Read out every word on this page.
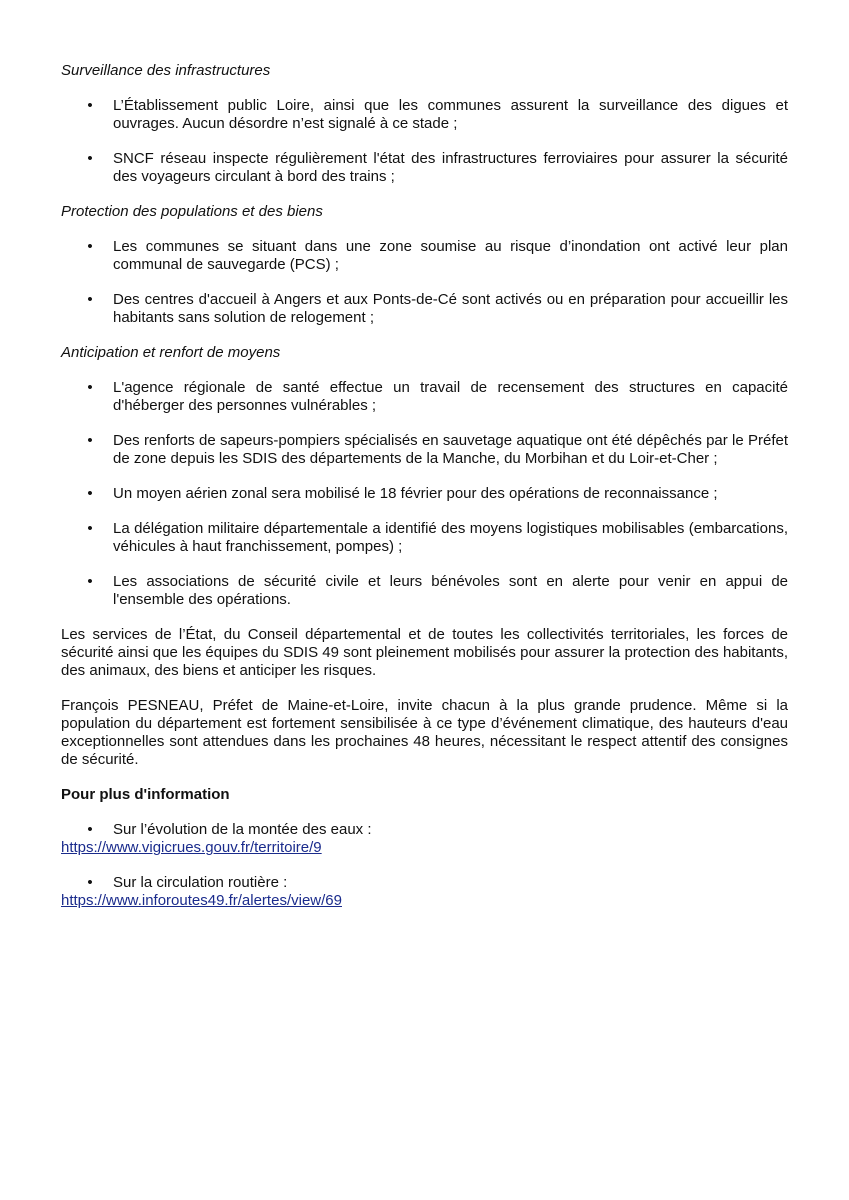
Surveillance des infrastructures

• L’Établissement public Loire, ainsi que les communes assurent la surveillance des digues et ouvrages. Aucun désordre n’est signalé à ce stade ;
• SNCF réseau inspecte régulièrement l'état des infrastructures ferroviaires pour assurer la sécurité des voyageurs circulant à bord des trains ;

Protection des populations et des biens

• Les communes se situant dans une zone soumise au risque d’inondation ont activé leur plan communal de sauvegarde (PCS) ;
• Des centres d'accueil à Angers et aux Ponts-de-Cé sont activés ou en préparation pour accueillir les habitants sans solution de relogement ;

Anticipation et renfort de moyens

• L'agence régionale de santé effectue un travail de recensement des structures en capacité d'héberger des personnes vulnérables ;
• Des renforts de sapeurs-pompiers spécialisés en sauvetage aquatique ont été dépêchés par le Préfet de zone depuis les SDIS des départements de la Manche, du Morbihan et du Loir-et-Cher ;
• Un moyen aérien zonal sera mobilisé le 18 février pour des opérations de reconnaissance ;
• La délégation militaire départementale a identifié des moyens logistiques mobilisables (embarcations, véhicules à haut franchissement, pompes) ;
• Les associations de sécurité civile et leurs bénévoles sont en alerte pour venir en appui de l'ensemble des opérations.

Les services de l’État, du Conseil départemental et de toutes les collectivités territoriales, les forces de sécurité ainsi que les équipes du SDIS 49 sont pleinement mobilisés pour assurer la protection des habitants, des animaux, des biens et anticiper les risques.

François PESNEAU, Préfet de Maine-et-Loire, invite chacun à la plus grande prudence. Même si la population du département est fortement sensibilisée à ce type d’événement climatique, des hauteurs d'eau exceptionnelles sont attendues dans les prochaines 48 heures, nécessitant le respect attentif des consignes de sécurité.

Pour plus d'information

• Sur l’évolution de la montée des eaux :
https://www.vigicrues.gouv.fr/territoire/9
• Sur la circulation routière :
https://www.inforoutes49.fr/alertes/view/69
